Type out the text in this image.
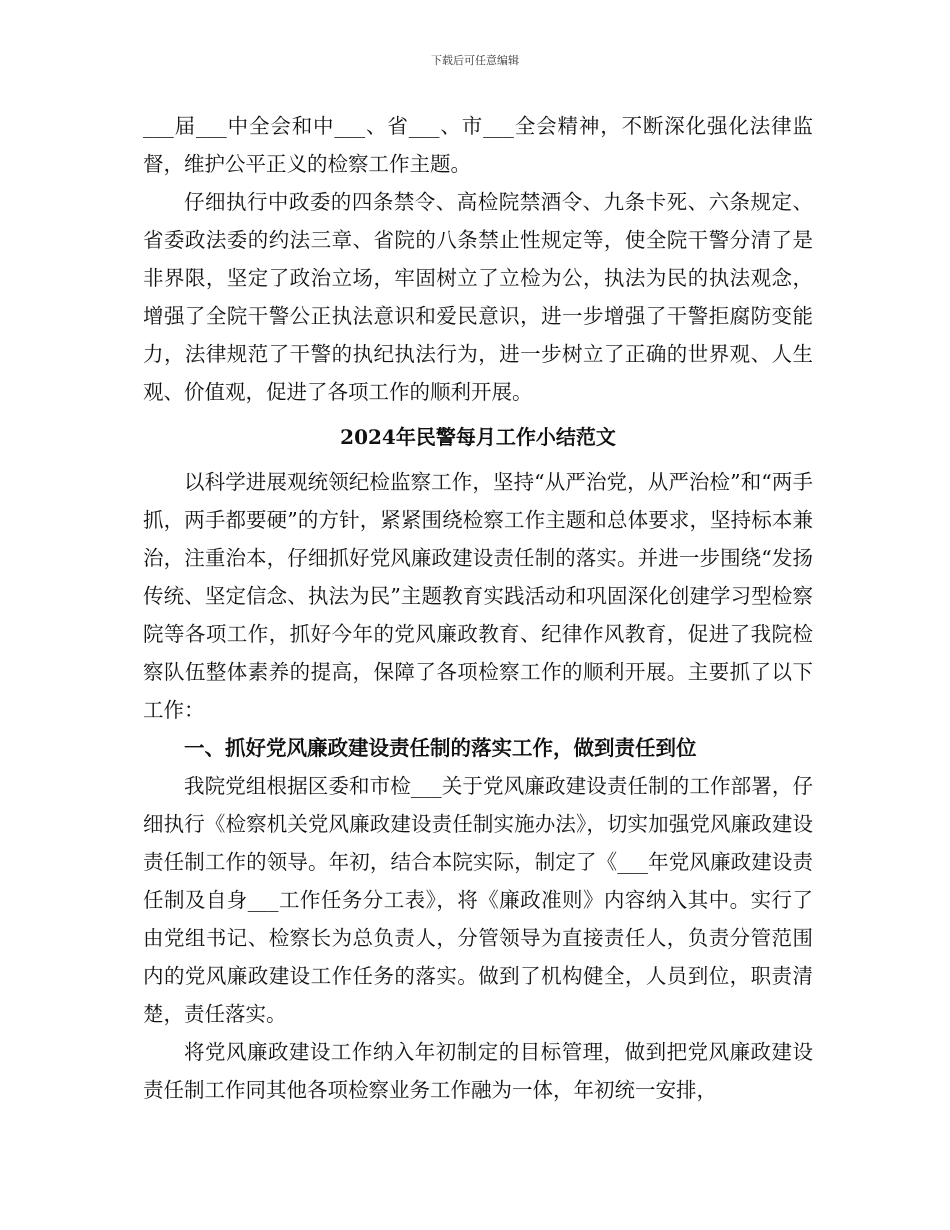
下载后可任意编辑

___届___中全会和中___、省___、市___全会精神，不断深化强化法律监督，维护公平正义的检察工作主题。

仔细执行中政委的四条禁令、高检院禁酒令、九条卡死、六条规定、省委政法委的约法三章、省院的八条禁止性规定等，使全院干警分清了是非界限，坚定了政治立场，牢固树立了立检为公，执法为民的执法观念，增强了全院干警公正执法意识和爱民意识，进一步增强了干警拒腐防变能力，法律规范了干警的执纪执法行为，进一步树立了正确的世界观、人生观、价值观，促进了各项工作的顺利开展。

2024年民警每月工作小结范文

以科学进展观统领纪检监察工作，坚持“从严治党，从严治检”和“两手抓，两手都要硬”的方针，紧紧围绕检察工作主题和总体要求，坚持标本兼治，注重治本，仔细抓好党风廉政建设责任制的落实。并进一步围绕“发扬传统、坚定信念、执法为民”主题教育实践活动和巩固深化创建学习型检察院等各项工作，抓好今年的党风廉政教育、纪律作风教育，促进了我院检察队伍整体素养的提高，保障了各项检察工作的顺利开展。主要抓了以下工作：

一、抓好党风廉政建设责任制的落实工作，做到责任到位

我院党组根据区委和市检___关于党风廉政建设责任制的工作部署，仔细执行《检察机关党风廉政建设责任制实施办法》，切实加强党风廉政建设责任制工作的领导。年初，结合本院实际，制定了《___年党风廉政建设责任制及自身___工作任务分工表》，将《廉政准则》内容纳入其中。实行了由党组书记、检察长为总负责人，分管领导为直接责任人，负责分管范围内的党风廉政建设工作任务的落实。做到了机构健全，人员到位，职责清楚，责任落实。

将党风廉政建设工作纳入年初制定的目标管理，做到把党风廉政建设责任制工作同其他各项检察业务工作融为一体，年初统一安排，
